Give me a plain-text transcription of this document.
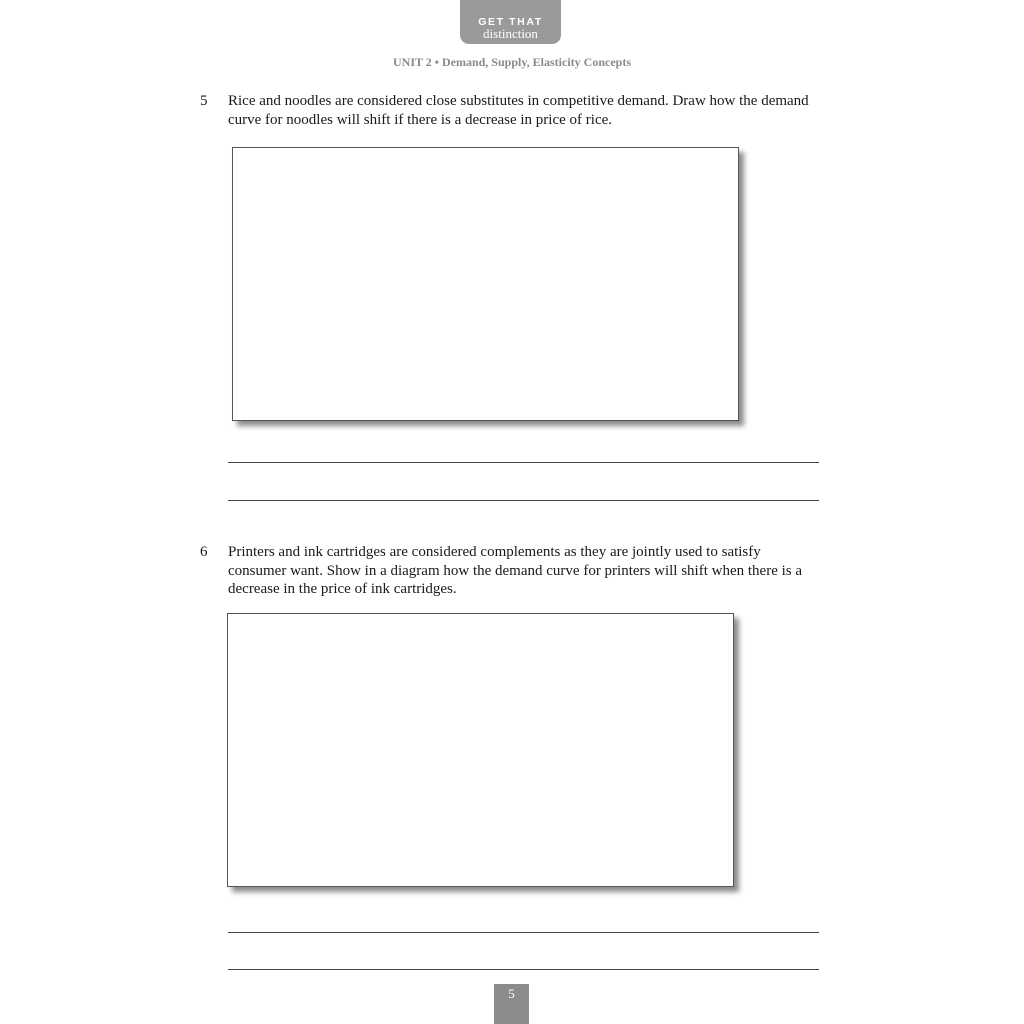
GET THAT
distinction
UNIT 2 • Demand, Supply, Elasticity Concepts
5 Rice and noodles are considered close substitutes in competitive demand. Draw how the demand
curve for noodles will shift if there is a decrease in price of rice.
6 Printers and ink cartridges are considered complements as they are jointly used to satisfy
consumer want. Show in a diagram how the demand curve for printers will shift when there is a
decrease in the price of ink cartridges.
5
